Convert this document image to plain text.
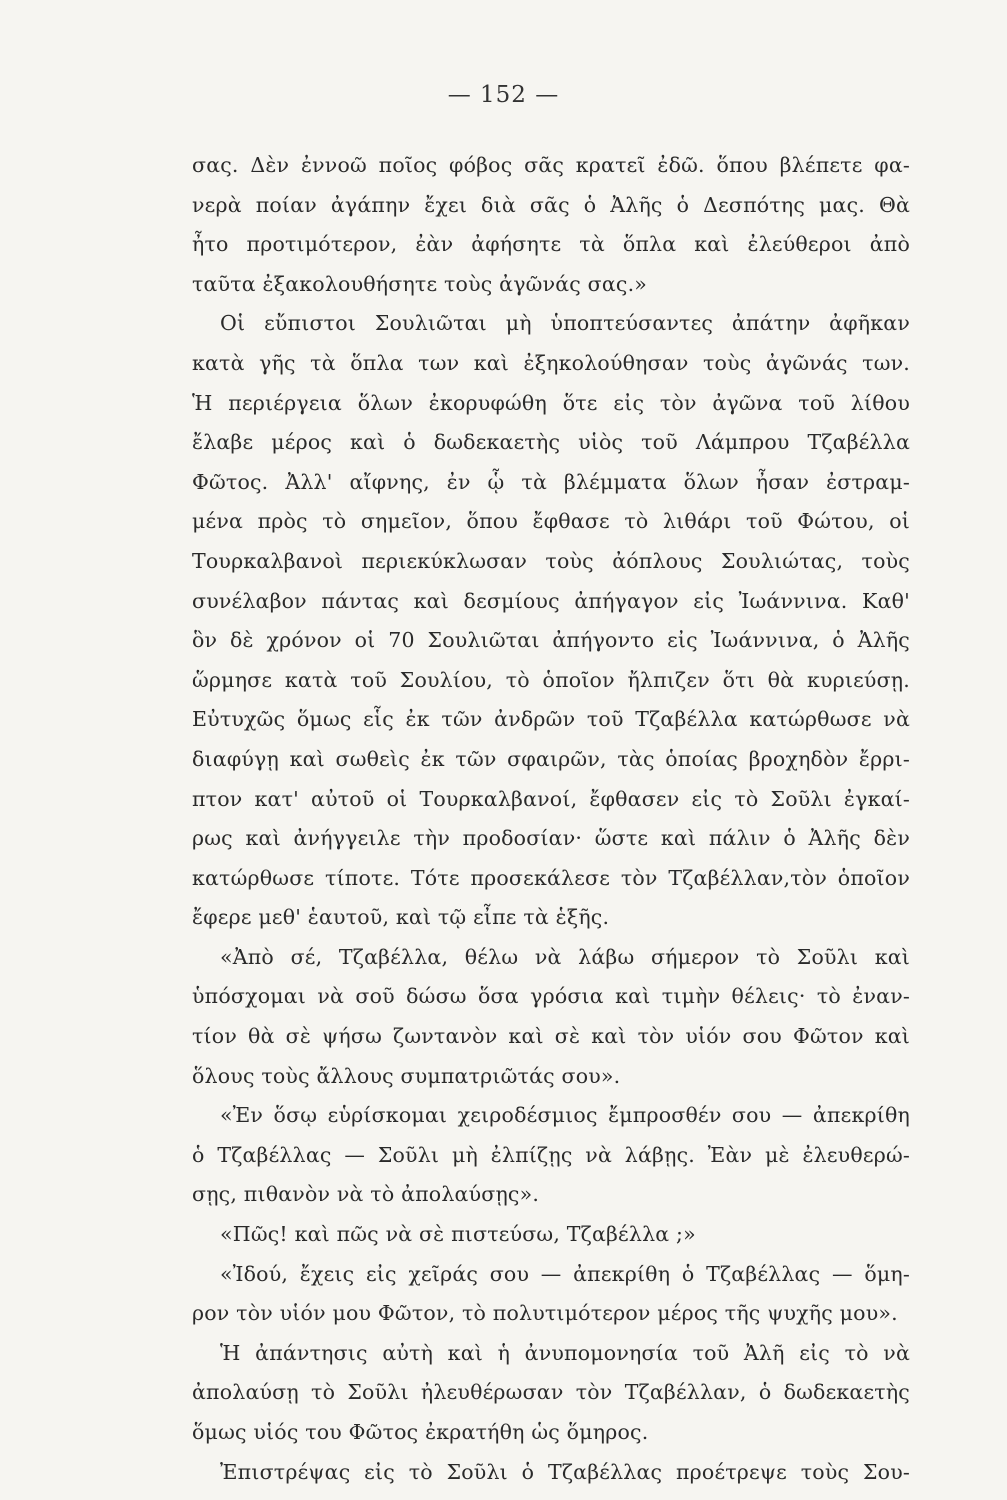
— 152 —
σας. Δὲν ἐννοῶ ποῖος φόβος σᾶς κρατεῖ ἐδῶ. ὅπου βλέπετε φα-
νερὰ ποίαν ἀγάπην ἔχει διὰ σᾶς ὁ Ἀλῆς ὁ Δεσπότης μας. Θὰ
ἦτο προτιμότερον, ἐὰν ἀφήσητε τὰ ὅπλα καὶ ἐλεύθεροι ἀπὸ
ταῦτα ἐξακολουθήσητε τοὺς ἀγῶνάς σας.»
Οἱ εὔπιστοι Σουλιῶται μὴ ὑποπτεύσαντες ἀπάτην ἀφῆκαν
κατὰ γῆς τὰ ὅπλα των καὶ ἐξηκολούθησαν τοὺς ἀγῶνάς των.
Ἡ περιέργεια ὅλων ἐκορυφώθη ὅτε εἰς τὸν ἀγῶνα τοῦ λίθου
ἔλαβε μέρος καὶ ὁ δωδεκαετὴς υἱὸς τοῦ Λάμπρου Τζαβέλλα
Φῶτος. Ἀλλ' αἴφνης, ἐν ᾧ τὰ βλέμματα ὅλων ἦσαν ἐστραμ-
μένα πρὸς τὸ σημεῖον, ὅπου ἔφθασε τὸ λιθάρι τοῦ Φώτου, οἱ
Τουρκαλβανοὶ περιεκύκλωσαν τοὺς ἀόπλους Σουλιώτας, τοὺς
συνέλαβον πάντας καὶ δεσμίους ἀπήγαγον εἰς Ἰωάννινα. Καθ'
ὃν δὲ χρόνον οἱ 70 Σουλιῶται ἀπήγοντο εἰς Ἰωάννινα, ὁ Ἀλῆς
ὥρμησε κατὰ τοῦ Σουλίου, τὸ ὁποῖον ἤλπιζεν ὅτι θὰ κυριεύσῃ.
Εὐτυχῶς ὅμως εἷς ἐκ τῶν ἀνδρῶν τοῦ Τζαβέλλα κατώρθωσε νὰ
διαφύγῃ καὶ σωθεὶς ἐκ τῶν σφαιρῶν, τὰς ὁποίας βροχηδὸν ἔρρι-
πτον κατ' αὐτοῦ οἱ Τουρκαλβανοί, ἔφθασεν εἰς τὸ Σοῦλι ἐγκαί-
ρως καὶ ἀνήγγειλε τὴν προδοσίαν· ὥστε καὶ πάλιν ὁ Ἀλῆς δὲν
κατώρθωσε τίποτε. Τότε προσεκάλεσε τὸν Τζαβέλλαν,τὸν ὁποῖον
ἔφερε μεθ' ἑαυτοῦ, καὶ τῷ εἶπε τὰ ἑξῆς.
«Ἀπὸ σέ, Τζαβέλλα, θέλω νὰ λάβω σήμερον τὸ Σοῦλι καὶ
ὑπόσχομαι νὰ σοῦ δώσω ὅσα γρόσια καὶ τιμὴν θέλεις· τὸ ἐναν-
τίον θὰ σὲ ψήσω ζωντανὸν καὶ σὲ καὶ τὸν υἱόν σου Φῶτον καὶ
ὅλους τοὺς ἄλλους συμπατριῶτάς σου».
«Ἐν ὅσῳ εὑρίσκομαι χειροδέσμιος ἔμπροσθέν σου — ἀπεκρίθη
ὁ Τζαβέλλας — Σοῦλι μὴ ἐλπίζῃς νὰ λάβῃς. Ἐὰν μὲ ἐλευθερώ-
σῃς, πιθανὸν νὰ τὸ ἀπολαύσῃς».
«Πῶς! καὶ πῶς νὰ σὲ πιστεύσω, Τζαβέλλα ;»
«Ἰδού, ἔχεις εἰς χεῖράς σου — ἀπεκρίθη ὁ Τζαβέλλας — ὅμη-
ρον τὸν υἱόν μου Φῶτον, τὸ πολυτιμότερον μέρος τῆς ψυχῆς μου».
Ἡ ἀπάντησις αὐτὴ καὶ ἡ ἀνυπομονησία τοῦ Ἀλῆ εἰς τὸ νὰ
ἀπολαύσῃ τὸ Σοῦλι ἠλευθέρωσαν τὸν Τζαβέλλαν, ὁ δωδεκαετὴς
ὅμως υἱός του Φῶτος ἐκρατήθη ὡς ὅμηρος.
Ἐπιστρέψας εἰς τὸ Σοῦλι ὁ Τζαβέλλας προέτρεψε τοὺς Σου-
